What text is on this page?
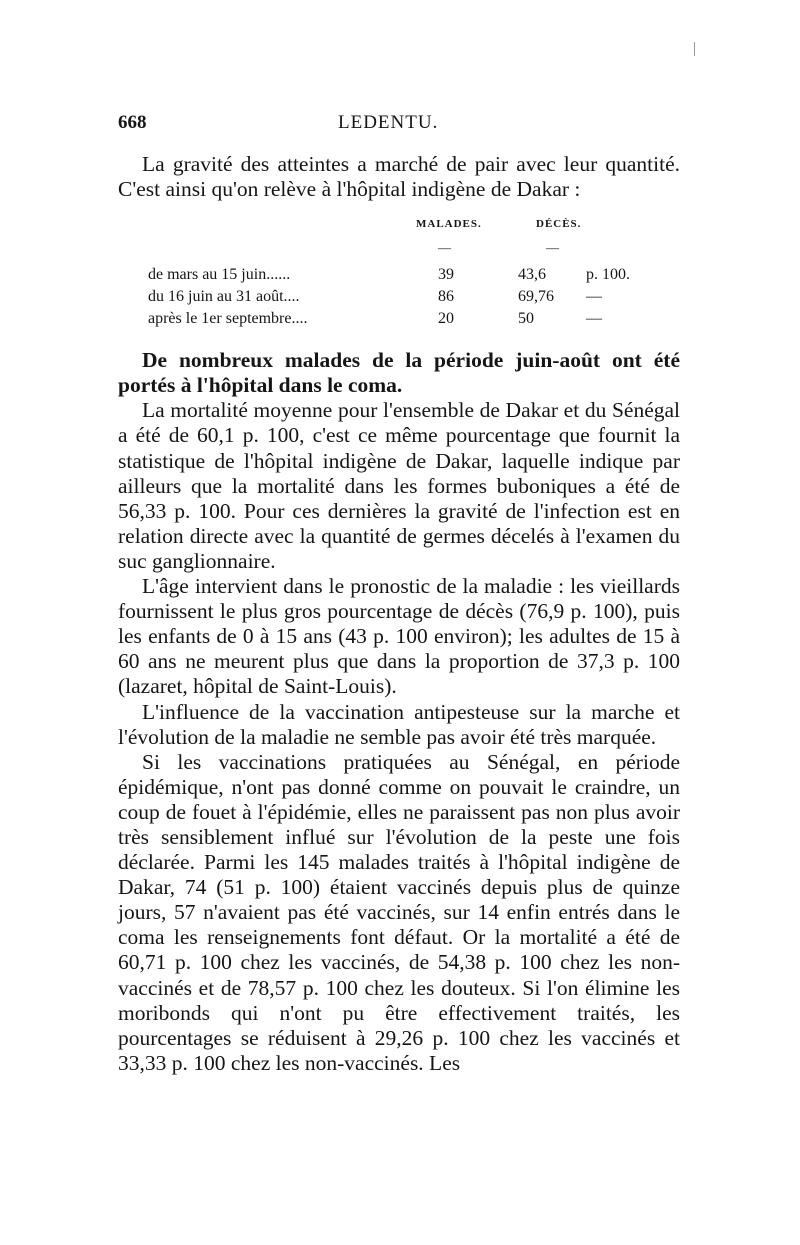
668	LEDENTU.

La gravité des atteintes a marché de pair avec leur quantité. C'est ainsi qu'on relève à l'hôpital indigène de Dakar :

MALADES.	DÉCÈS.
—	—
de mars au 15 juin......	39	43,6	p. 100.
du 16 juin au 31 août....	86	69,76 —
après le 1er septembre....	20	50	—

De nombreux malades de la période juin-août ont été portés à l'hôpital dans le coma.

La mortalité moyenne pour l'ensemble de Dakar et du Sénégal a été de 60,1 p. 100, c'est ce même pourcentage que fournit la statistique de l'hôpital indigène de Dakar, laquelle indique par ailleurs que la mortalité dans les formes buboniques a été de 56,33 p. 100. Pour ces dernières la gravité de l'infection est en relation directe avec la quantité de germes décelés à l'examen du suc ganglionnaire.

L'âge intervient dans le pronostic de la maladie : les vieillards fournissent le plus gros pourcentage de décès (76,9 p. 100), puis les enfants de 0 à 15 ans (43 p. 100 environ); les adultes de 15 à 60 ans ne meurent plus que dans la proportion de 37,3 p. 100 (lazaret, hôpital de Saint-Louis).

L'influence de la vaccination antipesteuse sur la marche et l'évolution de la maladie ne semble pas avoir été très marquée.

Si les vaccinations pratiquées au Sénégal, en période épidémique, n'ont pas donné comme on pouvait le craindre, un coup de fouet à l'épidémie, elles ne paraissent pas non plus avoir très sensiblement influé sur l'évolution de la peste une fois déclarée. Parmi les 145 malades traités à l'hôpital indigène de Dakar, 74 (51 p. 100) étaient vaccinés depuis plus de quinze jours, 57 n'avaient pas été vaccinés, sur 14 enfin entrés dans le coma les renseignements font défaut. Or la mortalité a été de 60,71 p. 100 chez les vaccinés, de 54,38 p. 100 chez les non-vaccinés et de 78,57 p. 100 chez les douteux. Si l'on élimine les moribonds qui n'ont pu être effectivement traités, les pourcentages se réduisent à 29,26 p. 100 chez les vaccinés et 33,33 p. 100 chez les non-vaccinés. Les
